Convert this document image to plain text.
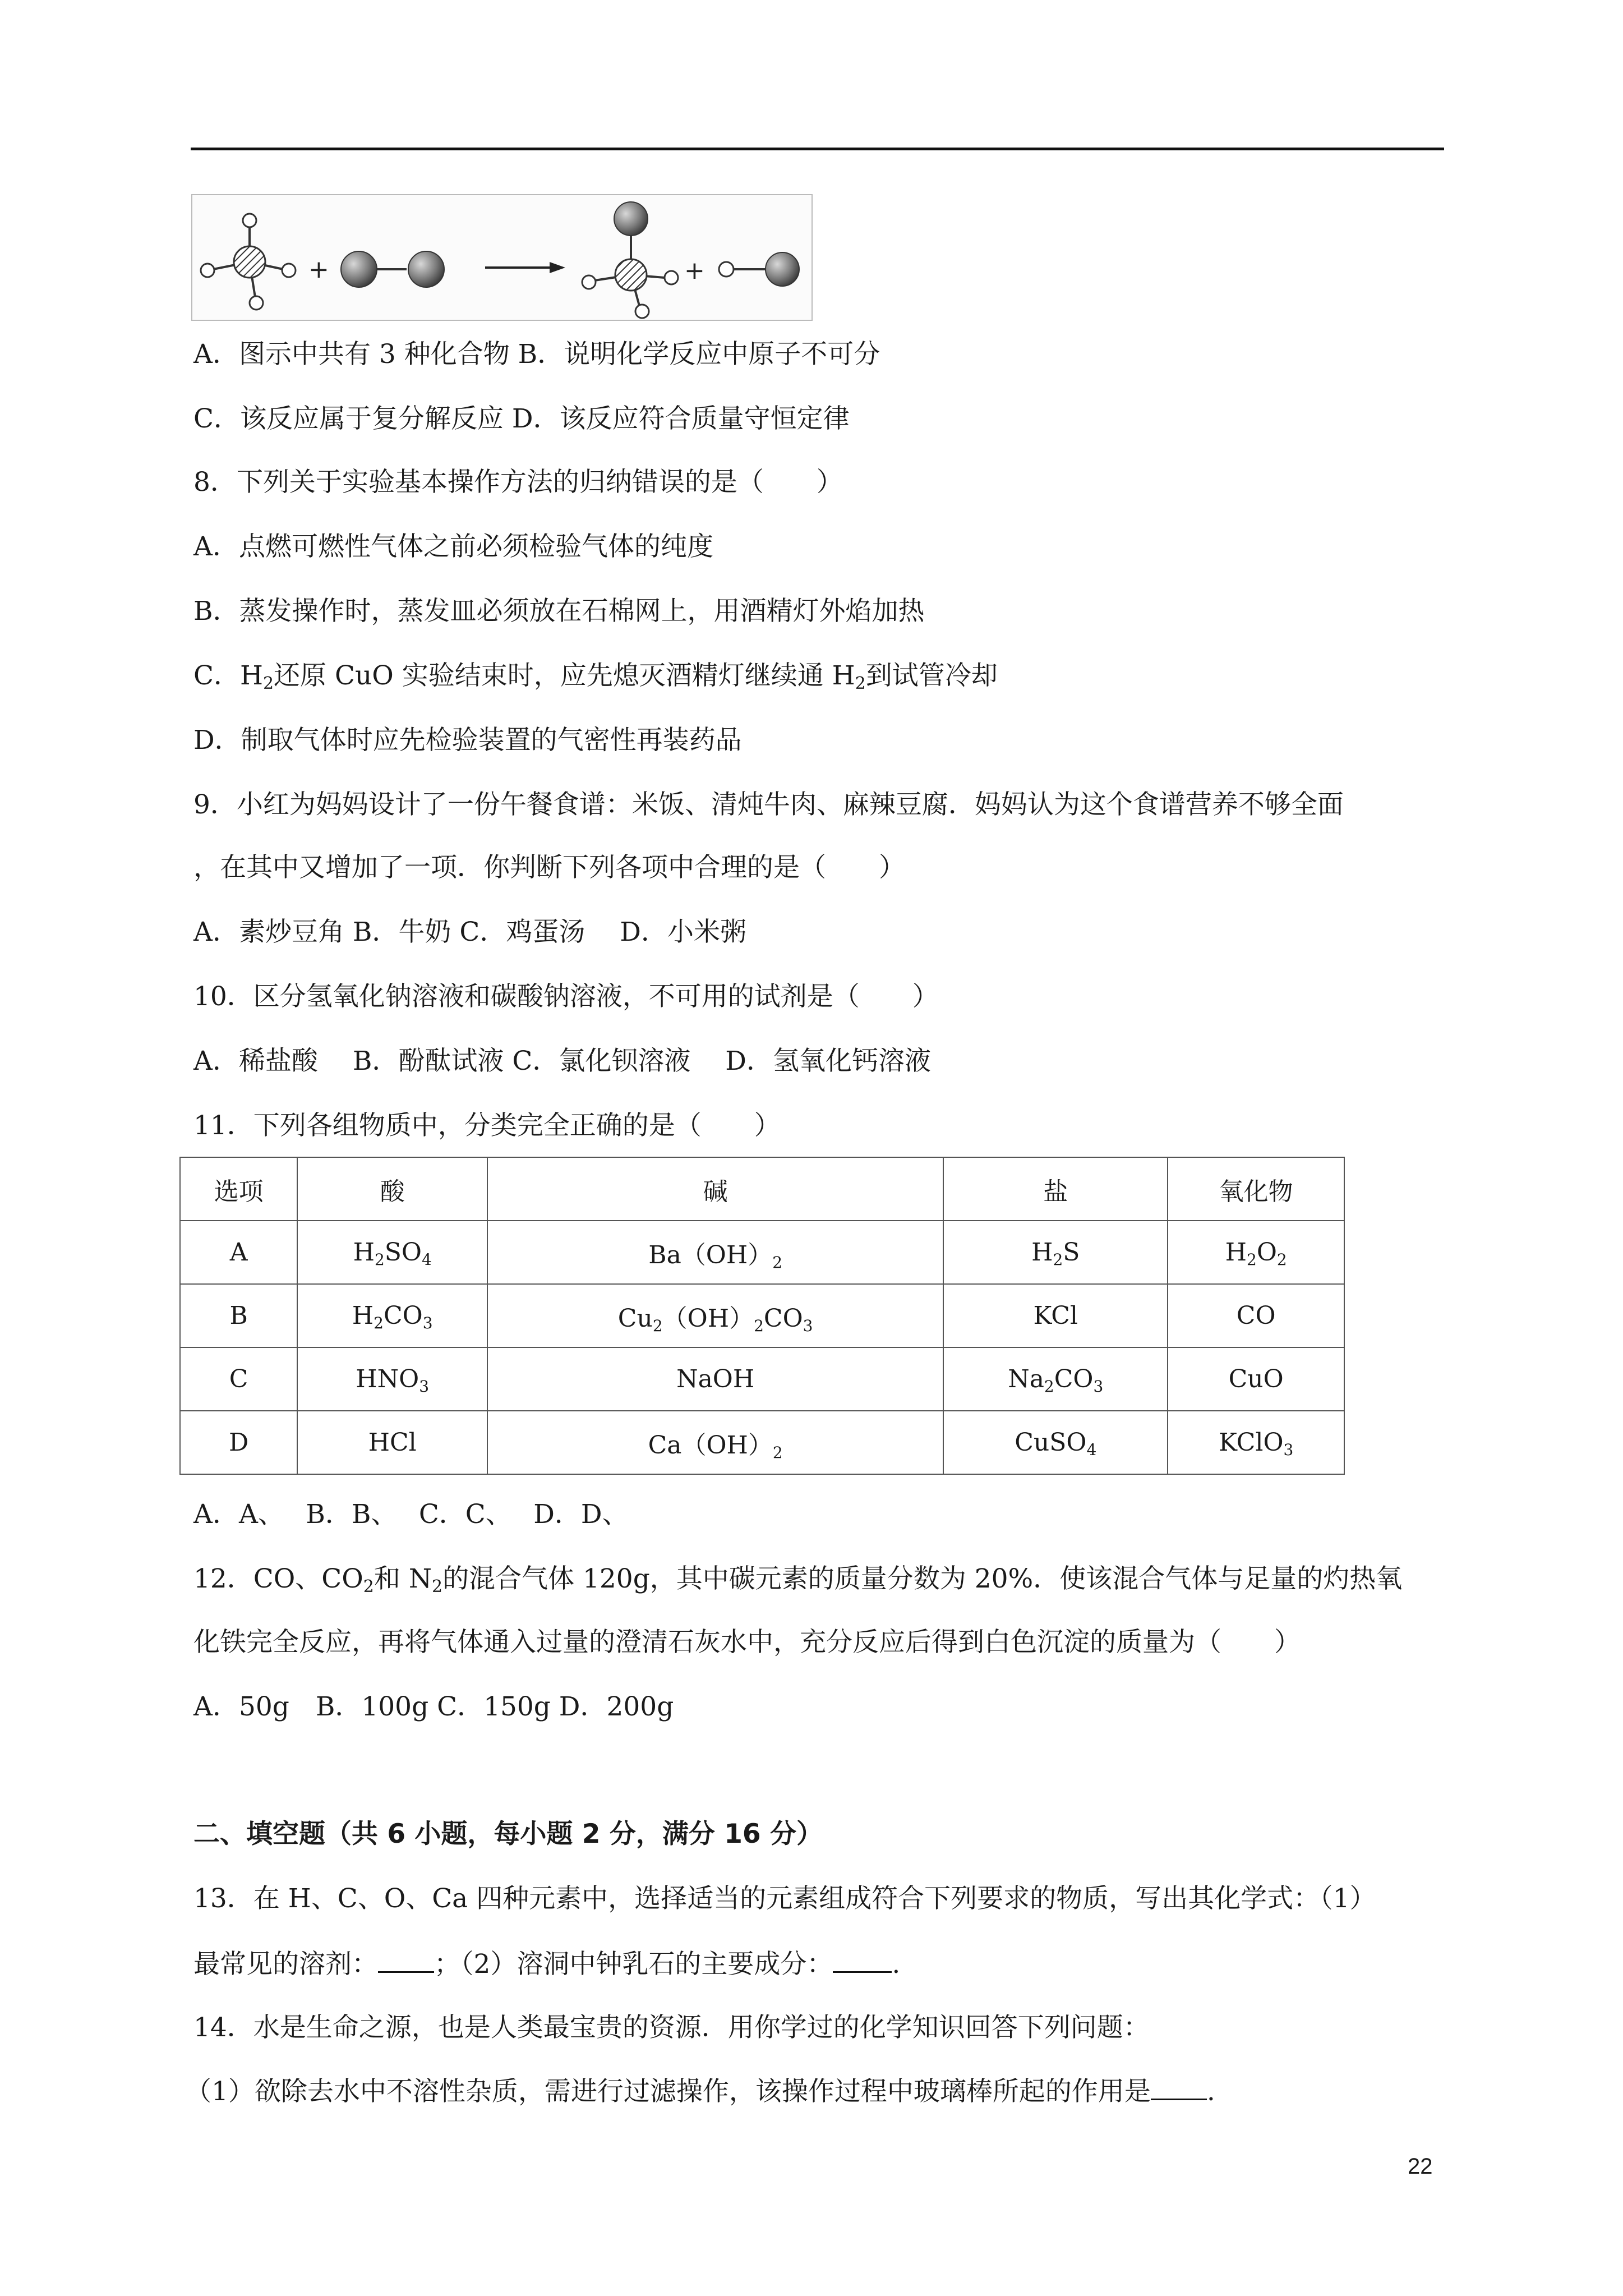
+	+
A．图示中共有 3 种化合物 B．说明化学反应中原子不可分
C．该反应属于复分解反应 D．该反应符合质量守恒定律
8．下列关于实验基本操作方法的归纳错误的是（　　）
A．点燃可燃性气体之前必须检验气体的纯度
B．蒸发操作时，蒸发皿必须放在石棉网上，用酒精灯外焰加热
C．$H_2$还原 CuO 实验结束时，应先熄灭酒精灯继续通 $H_2$到试管冷却
D．制取气体时应先检验装置的气密性再装药品
9．小红为妈妈设计了一份午餐食谱：米饭、清炖牛肉、麻辣豆腐．妈妈认为这个食谱营养不够全面
，在其中又增加了一项．你判断下列各项中合理的是（　　）
A．素炒豆角 B．牛奶 C．鸡蛋汤　 D．小米粥
10．区分氢氧化钠溶液和碳酸钠溶液，不可用的试剂是（　　）
A．稀盐酸　 B．酚酞试液 C．氯化钡溶液　 D．氢氧化钙溶液
11．下列各组物质中，分类完全正确的是（　　）
选项	酸	碱	盐	氧化物
A	$H_2SO_4$	$Ba(OH)_2$	$H_2S$	$H_2O_2$
B	$H_2CO_3$	$Cu_2(OH)_2CO_3$	KCl	CO
C	$HNO_3$	NaOH	$Na_2CO_3$	CuO
D	HCl	$Ca(OH)_2$	CuSO$_4$	KClO$_3$
A．A、　 B．B、　 C．C、　 D．D、
12．CO、$CO_2$和 $N_2$的混合气体 120g，其中碳元素的质量分数为 20%．使该混合气体与足量的灼热氧
化铁完全反应，再将气体通入过量的澄清石灰水中，充分反应后得到白色沉淀的质量为（　　）
A．50g　B．100g C．150g D．200g
二、填空题（共 6 小题，每小题 2 分，满分 16 分）
13．在 H、C、O、Ca 四种元素中，选择适当的元素组成符合下列要求的物质，写出其化学式：（1）
最常见的溶剂： ；（2）溶洞中钟乳石的主要成分： .
14．水是生命之源，也是人类最宝贵的资源．用你学过的化学知识回答下列问题：
（1）欲除去水中不溶性杂质，需进行过滤操作，该操作过程中玻璃棒所起的作用是 .
22
